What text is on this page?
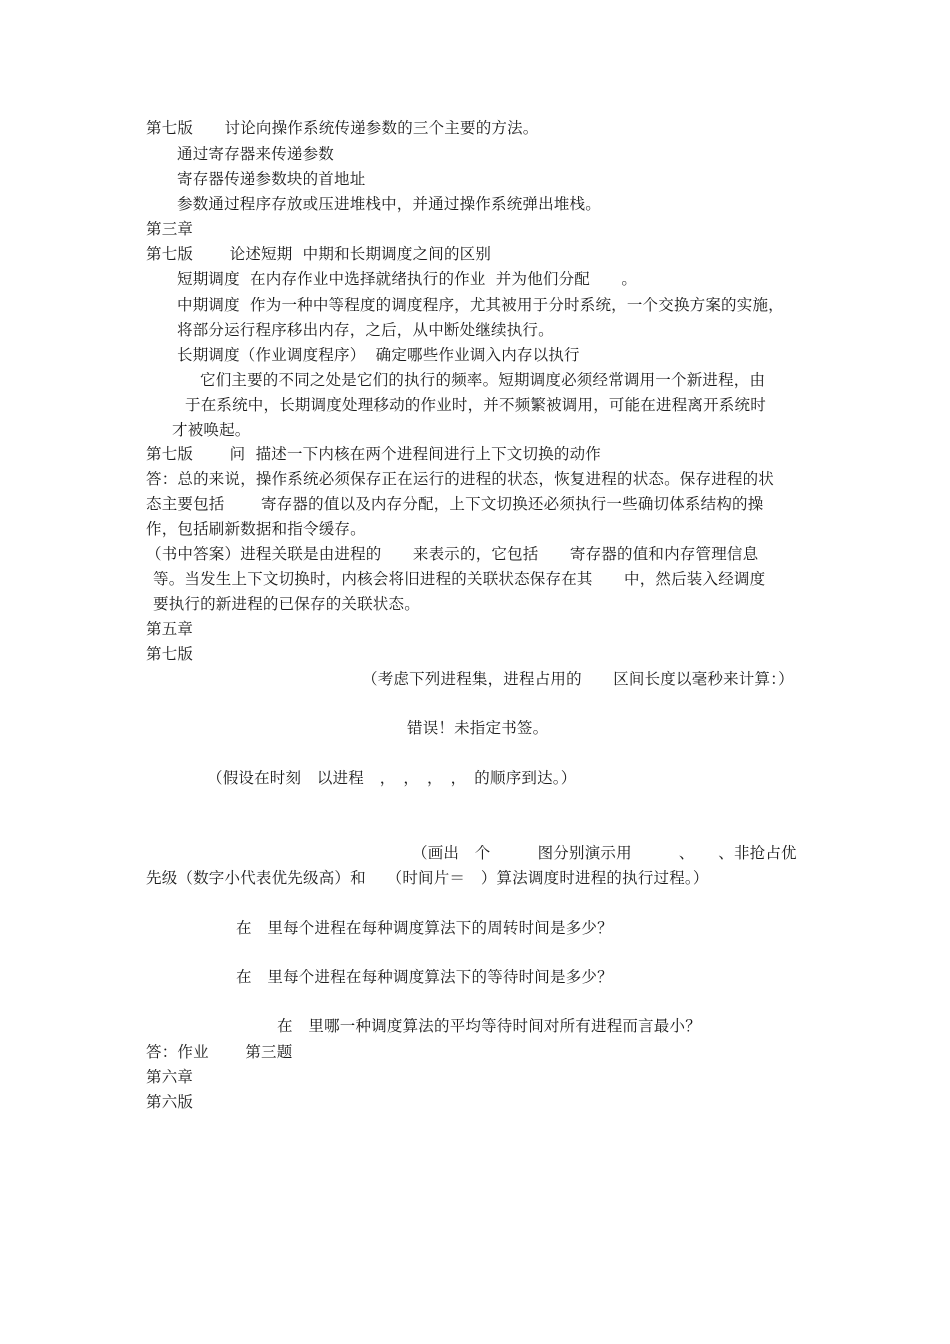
第七版　　讨论向操作系统传递参数的三个主要的方法。
通过寄存器来传递参数
寄存器传递参数块的首地址
参数通过程序存放或压进堆栈中，并通过操作系统弹出堆栈。
第三章
第七版　　 论述短期  中期和长期调度之间的区别
短期调度  在内存作业中选择就绪执行的作业  并为他们分配　　。
中期调度  作为一种中等程度的调度程序，尤其被用于分时系统，一个交换方案的实施，
将部分运行程序移出内存，之后，从中断处继续执行。
长期调度（作业调度程序）  确定哪些作业调入内存以执行
它们主要的不同之处是它们的执行的频率。短期调度必须经常调用一个新进程，由
于在系统中，长期调度处理移动的作业时，并不频繁被调用，可能在进程离开系统时
才被唤起。
第七版　　 问  描述一下内核在两个进程间进行上下文切换的动作
答：总的来说，操作系统必须保存正在运行的进程的状态，恢复进程的状态。保存进程的状
态主要包括　　 寄存器的值以及内存分配，上下文切换还必须执行一些确切体系结构的操
作，包括刷新数据和指令缓存。
（书中答案）进程关联是由进程的　　来表示的，它包括　　寄存器的值和内存管理信息
等。当发生上下文切换时，内核会将旧进程的关联状态保存在其　　中，然后装入经调度
要执行的新进程的已保存的关联状态。
第五章
第七版
（考虑下列进程集，进程占用的　　区间长度以毫秒来计算：）
错误！未指定书签。
（假设在时刻　以进程　，　，　，　，　的顺序到达。）
（画出　个　　　图分别演示用　　　、　　、非抢占优
先级（数字小代表优先级高）和　 （时间片＝　）算法调度时进程的执行过程。）
在　里每个进程在每种调度算法下的周转时间是多少？
在　里每个进程在每种调度算法下的等待时间是多少？
在　里哪一种调度算法的平均等待时间对所有进程而言最小？
答：作业　　 第三题
第六章
第六版
